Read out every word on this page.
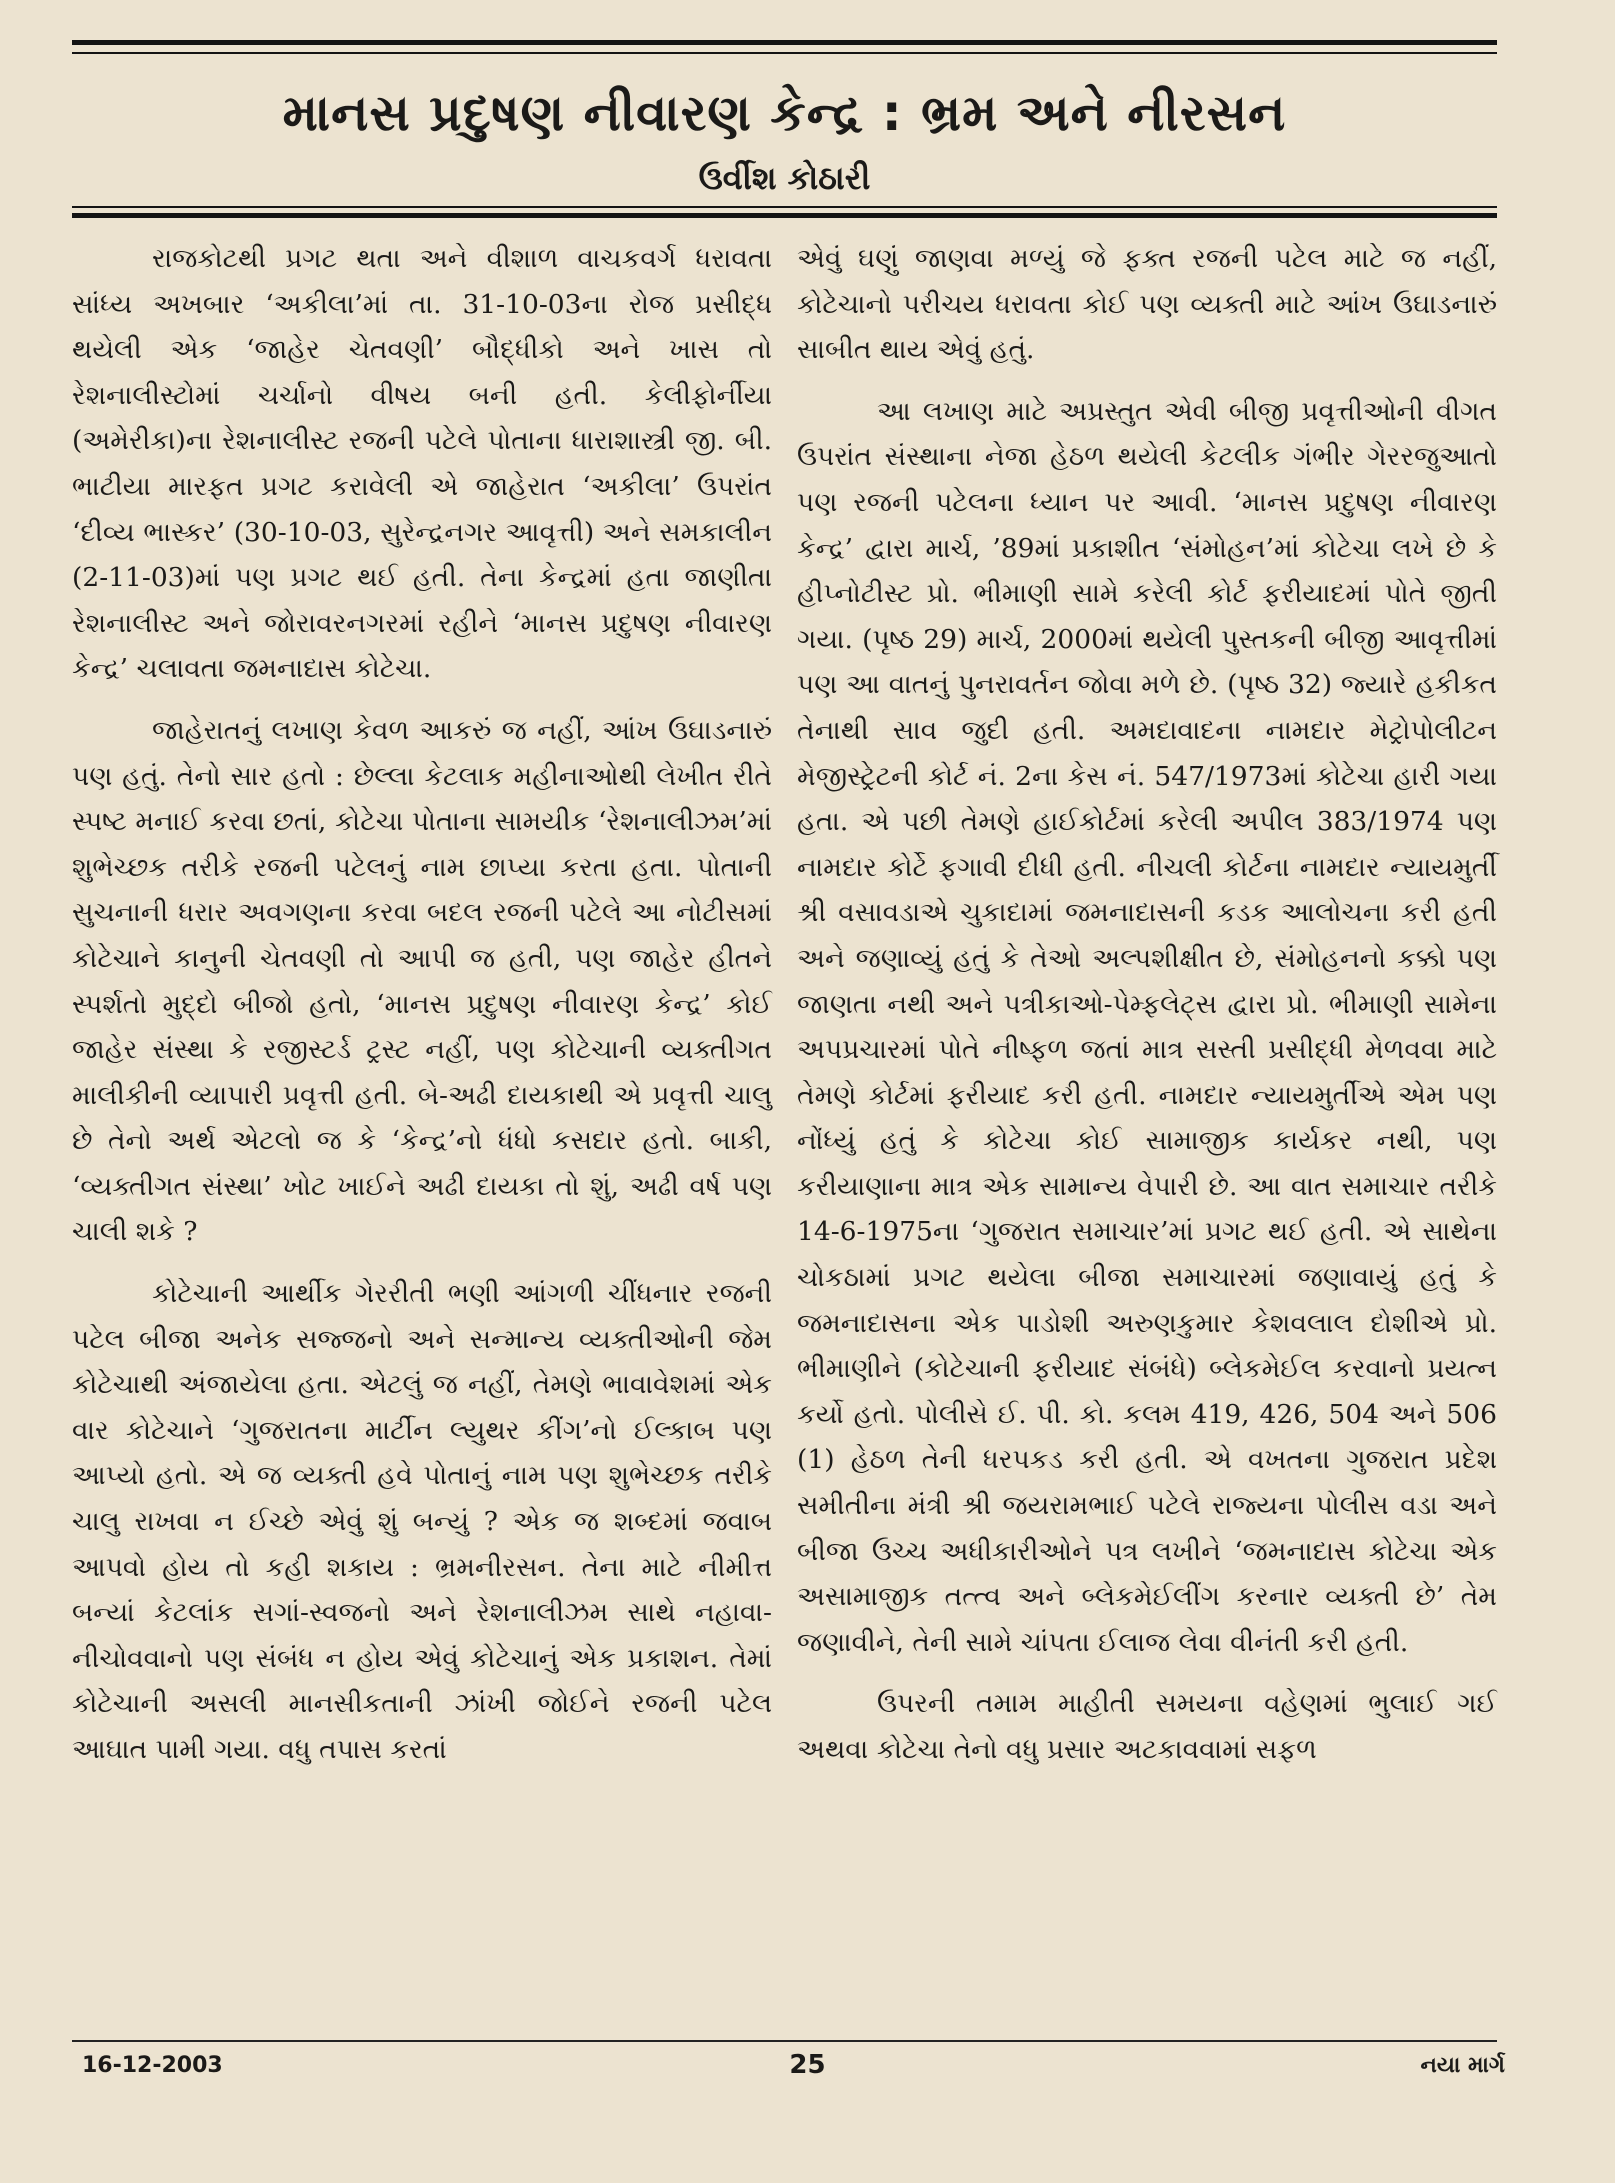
માનસ પ્રદુષણ નીવારણ કેન્દ્ર : ભ્રમ અને નીરસન
ઉર્વીશ કોઠારી

રાજકોટથી પ્રગટ થતા અને વીશાળ વાચકવર્ગ ધરાવતા સાંધ્ય અખબાર ‘અકીલા’માં તા. 31-10-03ના રોજ પ્રસીદ્ધ થયેલી એક ‘જાહેર ચેતવણી’ બૌદ્ધીકો અને ખાસ તો રેશનાલીસ્ટોમાં ચર્ચાનો વીષય બની હતી. કેલીફોર્નીયા (અમેરીકા)ના રેશનાલીસ્ટ રજની પટેલે પોતાના ધારાશાસ્ત્રી જી. બી. ભાટીયા મારફત પ્રગટ કરાવેલી એ જાહેરાત ‘અકીલા’ ઉપરાંત ‘દીવ્ય ભાસ્કર’ (30-10-03, સુરેન્દ્રનગર આવૃત્તી) અને સમકાલીન (2-11-03)માં પણ પ્રગટ થઈ હતી. તેના કેન્દ્રમાં હતા જાણીતા રેશનાલીસ્ટ અને જોરાવરનગરમાં રહીને ‘માનસ પ્રદુષણ નીવારણ કેન્દ્ર’ ચલાવતા જમનાદાસ કોટેચા.

જાહેરાતનું લખાણ કેવળ આકરું જ નહીં, આંખ ઉઘાડનારું પણ હતું. તેનો સાર હતો : છેલ્લા કેટલાક મહીનાઓથી લેખીત રીતે સ્પષ્ટ મનાઈ કરવા છતાં, કોટેચા પોતાના સામયીક ‘રેશનાલીઝમ’માં શુભેચ્છક તરીકે રજની પટેલનું નામ છાપ્યા કરતા હતા. પોતાની સુચનાની ધરાર અવગણના કરવા બદલ રજની પટેલે આ નોટીસમાં કોટેચાને કાનુની ચેતવણી તો આપી જ હતી, પણ જાહેર હીતને સ્પર્શતો મુદ્દો બીજો હતો, ‘માનસ પ્રદુષણ નીવારણ કેન્દ્ર’ કોઈ જાહેર સંસ્થા કે રજીસ્ટર્ડ ટ્રસ્ટ નહીં, પણ કોટેચાની વ્યક્તીગત માલીકીની વ્યાપારી પ્રવૃત્તી હતી. બે-અઢી દાયકાથી એ પ્રવૃત્તી ચાલુ છે તેનો અર્થ એટલો જ કે ‘કેન્દ્ર’નો ધંધો કસદાર હતો. બાકી, ‘વ્યક્તીગત સંસ્થા’ ખોટ ખાઈને અઢી દાયકા તો શું, અઢી વર્ષ પણ ચાલી શકે ?

કોટેચાની આર્થીક ગેરરીતી ભણી આંગળી ચીંધનાર રજની પટેલ બીજા અનેક સજ્જનો અને સન્માન્ય વ્યક્તીઓની જેમ કોટેચાથી અંજાયેલા હતા. એટલું જ નહીં, તેમણે ભાવાવેશમાં એક વાર કોટેચાને ‘ગુજરાતના માર્ટીન લ્યુથર કીંગ’નો ઈલ્કાબ પણ આપ્યો હતો. એ જ વ્યક્તી હવે પોતાનું નામ પણ શુભેચ્છક તરીકે ચાલુ રાખવા ન ઈચ્છે એવું શું બન્યું ? એક જ શબ્દમાં જવાબ આપવો હોય તો કહી શકાય : ભ્રમનીરસન. તેના માટે નીમીત્ત બન્યાં કેટલાંક સગાં-સ્વજનો અને રેશનાલીઝમ સાથે નહાવા-નીચોવવાનો પણ સંબંધ ન હોય એવું કોટેચાનું એક પ્રકાશન. તેમાં કોટેચાની અસલી માનસીકતાની ઝાંખી જોઈને રજની પટેલ આઘાત પામી ગયા. વધુ તપાસ કરતાં

એવું ઘણું જાણવા મળ્યું જે ફક્ત રજની પટેલ માટે જ નહીં, કોટેચાનો પરીચય ધરાવતા કોઈ પણ વ્યક્તી માટે આંખ ઉઘાડનારું સાબીત થાય એવું હતું.

આ લખાણ માટે અપ્રસ્તુત એવી બીજી પ્રવૃત્તીઓની વીગત ઉપરાંત સંસ્થાના નેજા હેઠળ થયેલી કેટલીક ગંભીર ગેરરજુઆતો પણ રજની પટેલના ધ્યાન પર આવી. ‘માનસ પ્રદુષણ નીવારણ કેન્દ્ર’ દ્વારા માર્ચ, ’89માં પ્રકાશીત ‘સંમોહન’માં કોટેચા લખે છે કે હીપ્નોટીસ્ટ પ્રો. ભીમાણી સામે કરેલી કોર્ટ ફરીયાદમાં પોતે જીતી ગયા. (પૃષ્ઠ 29) માર્ચ, 2000માં થયેલી પુસ્તકની બીજી આવૃત્તીમાં પણ આ વાતનું પુનરાવર્તન જોવા મળે છે. (પૃષ્ઠ 32) જ્યારે હકીકત તેનાથી સાવ જુદી હતી. અમદાવાદના નામદાર મેટ્રોપોલીટન મેજીસ્ટ્રેટની કોર્ટ નં. 2ના કેસ નં. 547/1973માં કોટેચા હારી ગયા હતા. એ પછી તેમણે હાઈકોર્ટમાં કરેલી અપીલ 383/1974 પણ નામદાર કોર્ટે ફગાવી દીધી હતી. નીચલી કોર્ટના નામદાર ન્યાયમુર્તી શ્રી વસાવડાએ ચુકાદામાં જમનાદાસની કડક આલોચના કરી હતી અને જણાવ્યું હતું કે તેઓ અલ્પશીક્ષીત છે, સંમોહનનો કક્કો પણ જાણતા નથી અને પત્રીકાઓ-પેમ્ફલેટ્સ દ્વારા પ્રો. ભીમાણી સામેના અપપ્રચારમાં પોતે નીષ્ફળ જતાં માત્ર સસ્તી પ્રસીદ્ધી મેળવવા માટે તેમણે કોર્ટમાં ફરીયાદ કરી હતી. નામદાર ન્યાયમુર્તીએ એમ પણ નોંધ્યું હતું કે કોટેચા કોઈ સામાજીક કાર્યકર નથી, પણ કરીયાણાના માત્ર એક સામાન્ય વેપારી છે. આ વાત સમાચાર તરીકે 14-6-1975ના ‘ગુજરાત સમાચાર’માં પ્રગટ થઈ હતી. એ સાથેના ચોકઠામાં પ્રગટ થયેલા બીજા સમાચારમાં જણાવાયું હતું કે જમનાદાસના એક પાડોશી અરુણકુમાર કેશવલાલ દોશીએ પ્રો. ભીમાણીને (કોટેચાની ફરીયાદ સંબંધે) બ્લેકમેઈલ કરવાનો પ્રયત્ન કર્યો હતો. પોલીસે ઈ. પી. કો. કલમ 419, 426, 504 અને 506 (1) હેઠળ તેની ધરપકડ કરી હતી. એ વખતના ગુજરાત પ્રદેશ સમીતીના મંત્રી શ્રી જયરામભાઈ પટેલે રાજ્યના પોલીસ વડા અને બીજા ઉચ્ચ અધીકારીઓને પત્ર લખીને ‘જમનાદાસ કોટેચા એક અસામાજીક તત્ત્વ અને બ્લેકમેઈલીંગ કરનાર વ્યક્તી છે’ તેમ જણાવીને, તેની સામે ચાંપતા ઈલાજ લેવા વીનંતી કરી હતી.

ઉપરની તમામ માહીતી સમયના વહેણમાં ભુલાઈ ગઈ અથવા કોટેચા તેનો વધુ પ્રસાર અટકાવવામાં સફળ

16-12-2003	25	નયા માર્ગ
